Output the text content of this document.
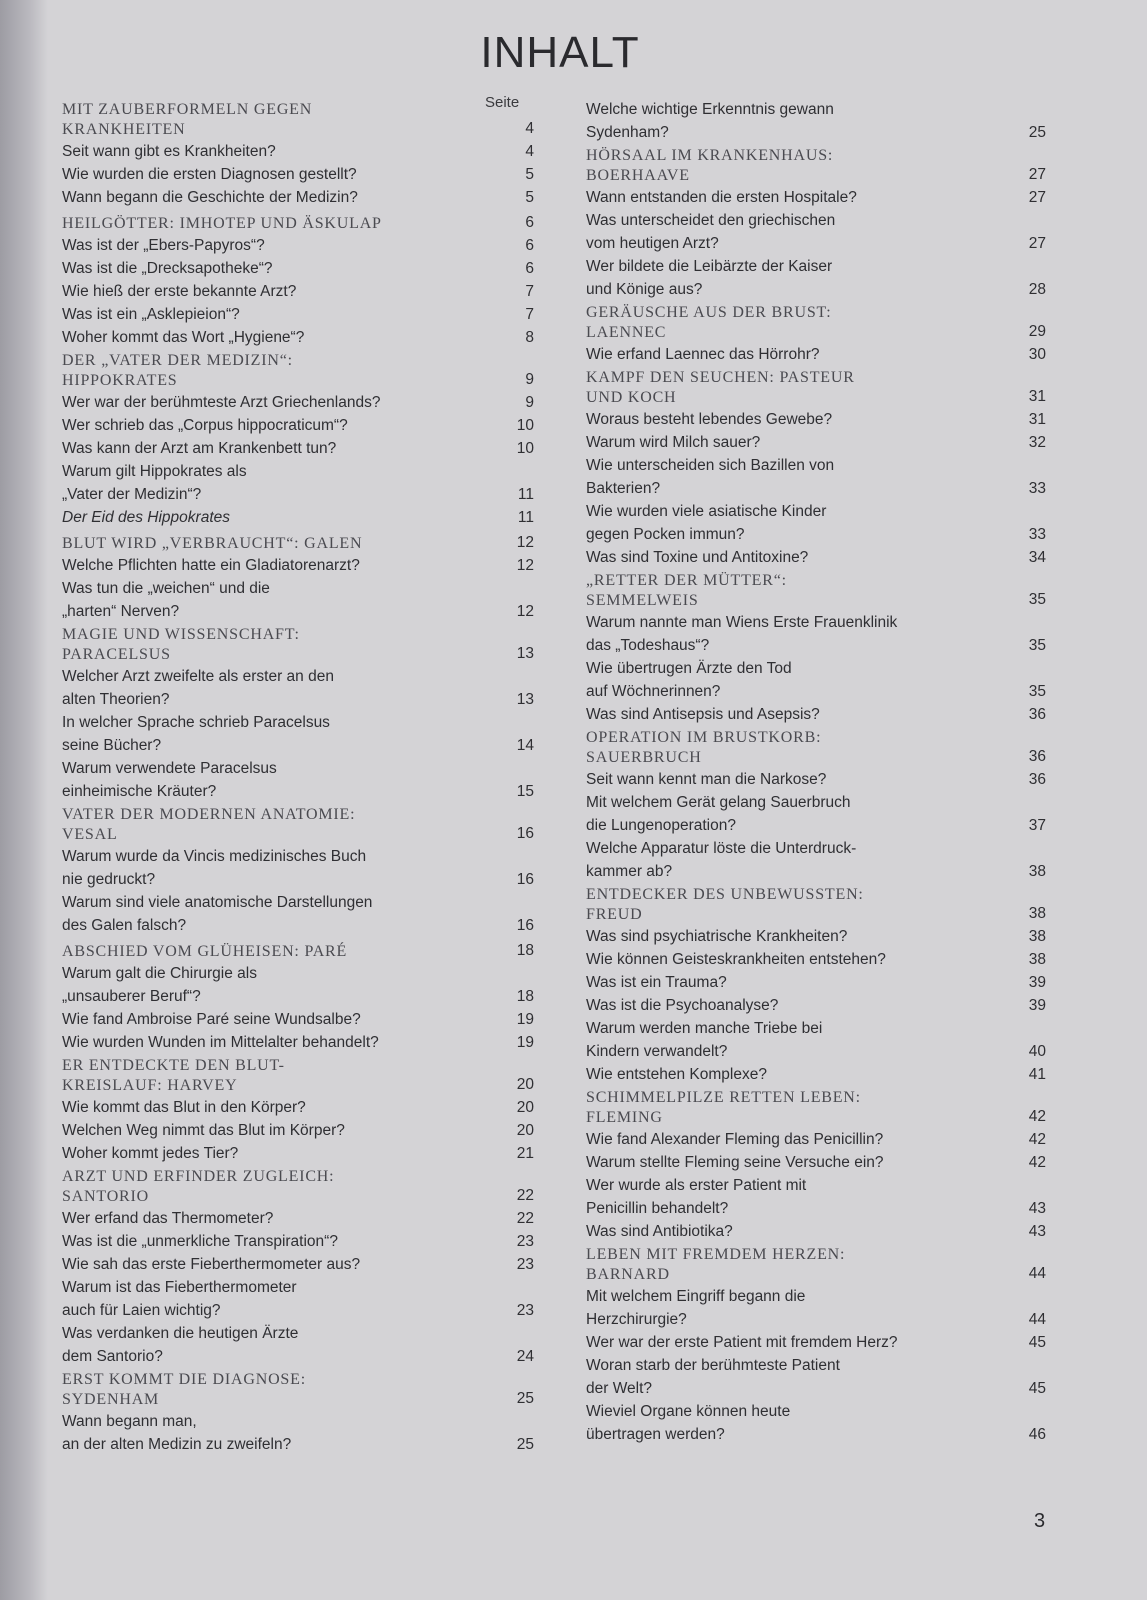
INHALT
Seite
MIT ZAUBERFORMELN GEGEN
KRANKHEITEN	4
Seit wann gibt es Krankheiten?	4
Wie wurden die ersten Diagnosen gestellt?	5
Wann begann die Geschichte der Medizin?	5
HEILGÖTTER: IMHOTEP UND ÄSKULAP	6
Was ist der „Ebers-Papyros“?	6
Was ist die „Drecksapotheke“?	6
Wie hieß der erste bekannte Arzt?	7
Was ist ein „Asklepieion“?	7
Woher kommt das Wort „Hygiene“?	8
DER „VATER DER MEDIZIN“:
HIPPOKRATES	9
Wer war der berühmteste Arzt Griechenlands?	9
Wer schrieb das „Corpus hippocraticum“?	10
Was kann der Arzt am Krankenbett tun?	10
Warum gilt Hippokrates als
„Vater der Medizin“?	11
Der Eid des Hippokrates	11
BLUT WIRD „VERBRAUCHT“: GALEN	12
Welche Pflichten hatte ein Gladiatorenarzt?	12
Was tun die „weichen“ und die
„harten“ Nerven?	12
MAGIE UND WISSENSCHAFT:
PARACELSUS	13
Welcher Arzt zweifelte als erster an den
alten Theorien?	13
In welcher Sprache schrieb Paracelsus
seine Bücher?	14
Warum verwendete Paracelsus
einheimische Kräuter?	15
VATER DER MODERNEN ANATOMIE:
VESAL	16
Warum wurde da Vincis medizinisches Buch
nie gedruckt?	16
Warum sind viele anatomische Darstellungen
des Galen falsch?	16
ABSCHIED VOM GLÜHEISEN: PARÉ	18
Warum galt die Chirurgie als
„unsauberer Beruf“?	18
Wie fand Ambroise Paré seine Wundsalbe?	19
Wie wurden Wunden im Mittelalter behandelt?	19
ER ENTDECKTE DEN BLUT-
KREISLAUF: HARVEY	20
Wie kommt das Blut in den Körper?	20
Welchen Weg nimmt das Blut im Körper?	20
Woher kommt jedes Tier?	21
ARZT UND ERFINDER ZUGLEICH:
SANTORIO	22
Wer erfand das Thermometer?	22
Was ist die „unmerkliche Transpiration“?	23
Wie sah das erste Fieberthermometer aus?	23
Warum ist das Fieberthermometer
auch für Laien wichtig?	23
Was verdanken die heutigen Ärzte
dem Santorio?	24
ERST KOMMT DIE DIAGNOSE:
SYDENHAM	25
Wann begann man,
an der alten Medizin zu zweifeln?	25
Welche wichtige Erkenntnis gewann
Sydenham?	25
HÖRSAAL IM KRANKENHAUS:
BOERHAAVE	27
Wann entstanden die ersten Hospitale?	27
Was unterscheidet den griechischen
vom heutigen Arzt?	27
Wer bildete die Leibärzte der Kaiser
und Könige aus?	28
GERÄUSCHE AUS DER BRUST:
LAENNEC	29
Wie erfand Laennec das Hörrohr?	30
KAMPF DEN SEUCHEN: PASTEUR
UND KOCH	31
Woraus besteht lebendes Gewebe?	31
Warum wird Milch sauer?	32
Wie unterscheiden sich Bazillen von
Bakterien?	33
Wie wurden viele asiatische Kinder
gegen Pocken immun?	33
Was sind Toxine und Antitoxine?	34
„RETTER DER MÜTTER“:
SEMMELWEIS	35
Warum nannte man Wiens Erste Frauenklinik
das „Todeshaus“?	35
Wie übertrugen Ärzte den Tod
auf Wöchnerinnen?	35
Was sind Antisepsis und Asepsis?	36
OPERATION IM BRUSTKORB:
SAUERBRUCH	36
Seit wann kennt man die Narkose?	36
Mit welchem Gerät gelang Sauerbruch
die Lungenoperation?	37
Welche Apparatur löste die Unterdruck-
kammer ab?	38
ENTDECKER DES UNBEWUSSTEN:
FREUD	38
Was sind psychiatrische Krankheiten?	38
Wie können Geisteskrankheiten entstehen?	38
Was ist ein Trauma?	39
Was ist die Psychoanalyse?	39
Warum werden manche Triebe bei
Kindern verwandelt?	40
Wie entstehen Komplexe?	41
SCHIMMELPILZE RETTEN LEBEN:
FLEMING	42
Wie fand Alexander Fleming das Penicillin?	42
Warum stellte Fleming seine Versuche ein?	42
Wer wurde als erster Patient mit
Penicillin behandelt?	43
Was sind Antibiotika?	43
LEBEN MIT FREMDEM HERZEN:
BARNARD	44
Mit welchem Eingriff begann die
Herzchirurgie?	44
Wer war der erste Patient mit fremdem Herz?	45
Woran starb der berühmteste Patient
der Welt?	45
Wieviel Organe können heute
übertragen werden?	46
3
